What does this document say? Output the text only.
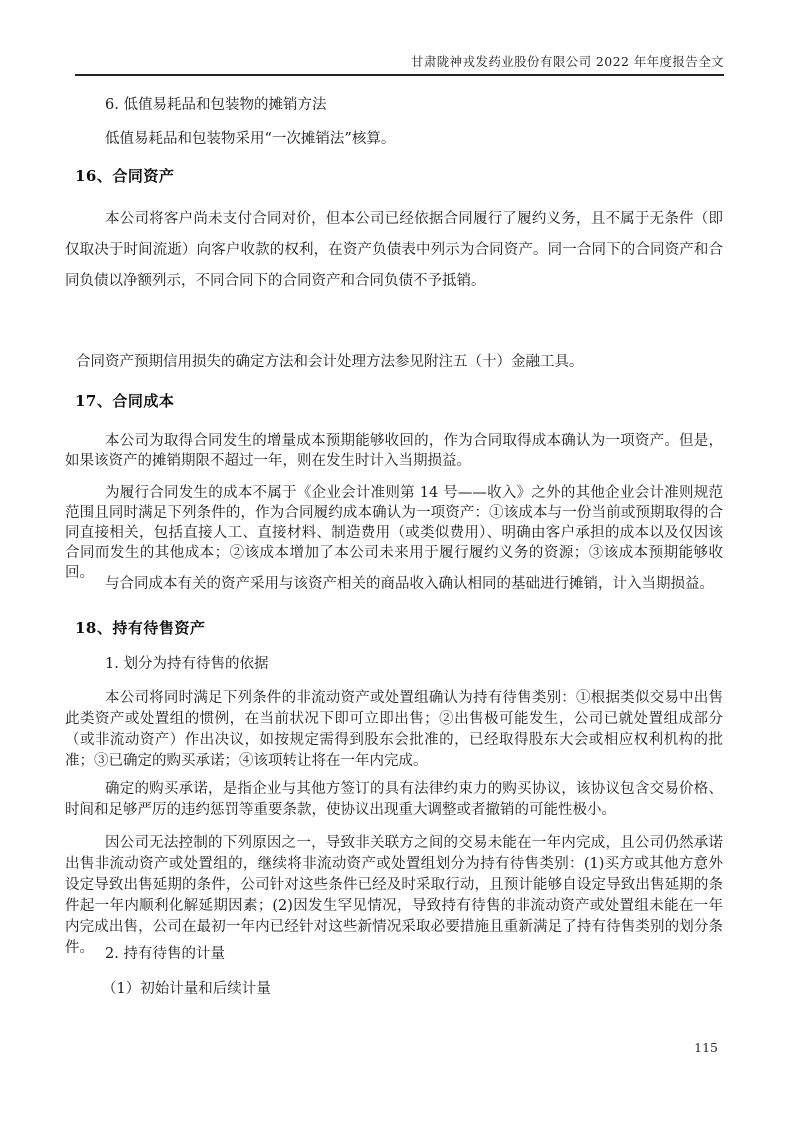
甘肃陇神戎发药业股份有限公司 2022 年年度报告全文

6. 低值易耗品和包装物的摊销方法

低值易耗品和包装物采用“一次摊销法”核算。

16、合同资产

本公司将客户尚未支付合同对价，但本公司已经依据合同履行了履约义务，且不属于无条件（即仅取决于时间流逝）向客户收款的权利，在资产负债表中列示为合同资产。同一合同下的合同资产和合同负债以净额列示，不同合同下的合同资产和合同负债不予抵销。

合同资产预期信用损失的确定方法和会计处理方法参见附注五（十）金融工具。

17、合同成本

本公司为取得合同发生的增量成本预期能够收回的，作为合同取得成本确认为一项资产。但是，如果该资产的摊销期限不超过一年，则在发生时计入当期损益。

为履行合同发生的成本不属于《企业会计准则第 14 号——收入》之外的其他企业会计准则规范范围且同时满足下列条件的，作为合同履约成本确认为一项资产：①该成本与一份当前或预期取得的合同直接相关，包括直接人工、直接材料、制造费用（或类似费用）、明确由客户承担的成本以及仅因该合同而发生的其他成本；②该成本增加了本公司未来用于履行履约义务的资源；③该成本预期能够收回。

与合同成本有关的资产采用与该资产相关的商品收入确认相同的基础进行摊销，计入当期损益。

18、持有待售资产

1. 划分为持有待售的依据

本公司将同时满足下列条件的非流动资产或处置组确认为持有待售类别：①根据类似交易中出售此类资产或处置组的惯例，在当前状况下即可立即出售；②出售极可能发生，公司已就处置组成部分（或非流动资产）作出决议，如按规定需得到股东会批准的，已经取得股东大会或相应权利机构的批准；③已确定的购买承诺；④该项转让将在一年内完成。

确定的购买承诺，是指企业与其他方签订的具有法律约束力的购买协议，该协议包含交易价格、时间和足够严厉的违约惩罚等重要条款，使协议出现重大调整或者撤销的可能性极小。

因公司无法控制的下列原因之一，导致非关联方之间的交易未能在一年内完成，且公司仍然承诺出售非流动资产或处置组的，继续将非流动资产或处置组划分为持有待售类别：(1)买方或其他方意外设定导致出售延期的条件，公司针对这些条件已经及时采取行动，且预计能够自设定导致出售延期的条件起一年内顺利化解延期因素；(2)因发生罕见情况，导致持有待售的非流动资产或处置组未能在一年内完成出售，公司在最初一年内已经针对这些新情况采取必要措施且重新满足了持有待售类别的划分条件。 2. 持有待售的计量

（1）初始计量和后续计量

115
